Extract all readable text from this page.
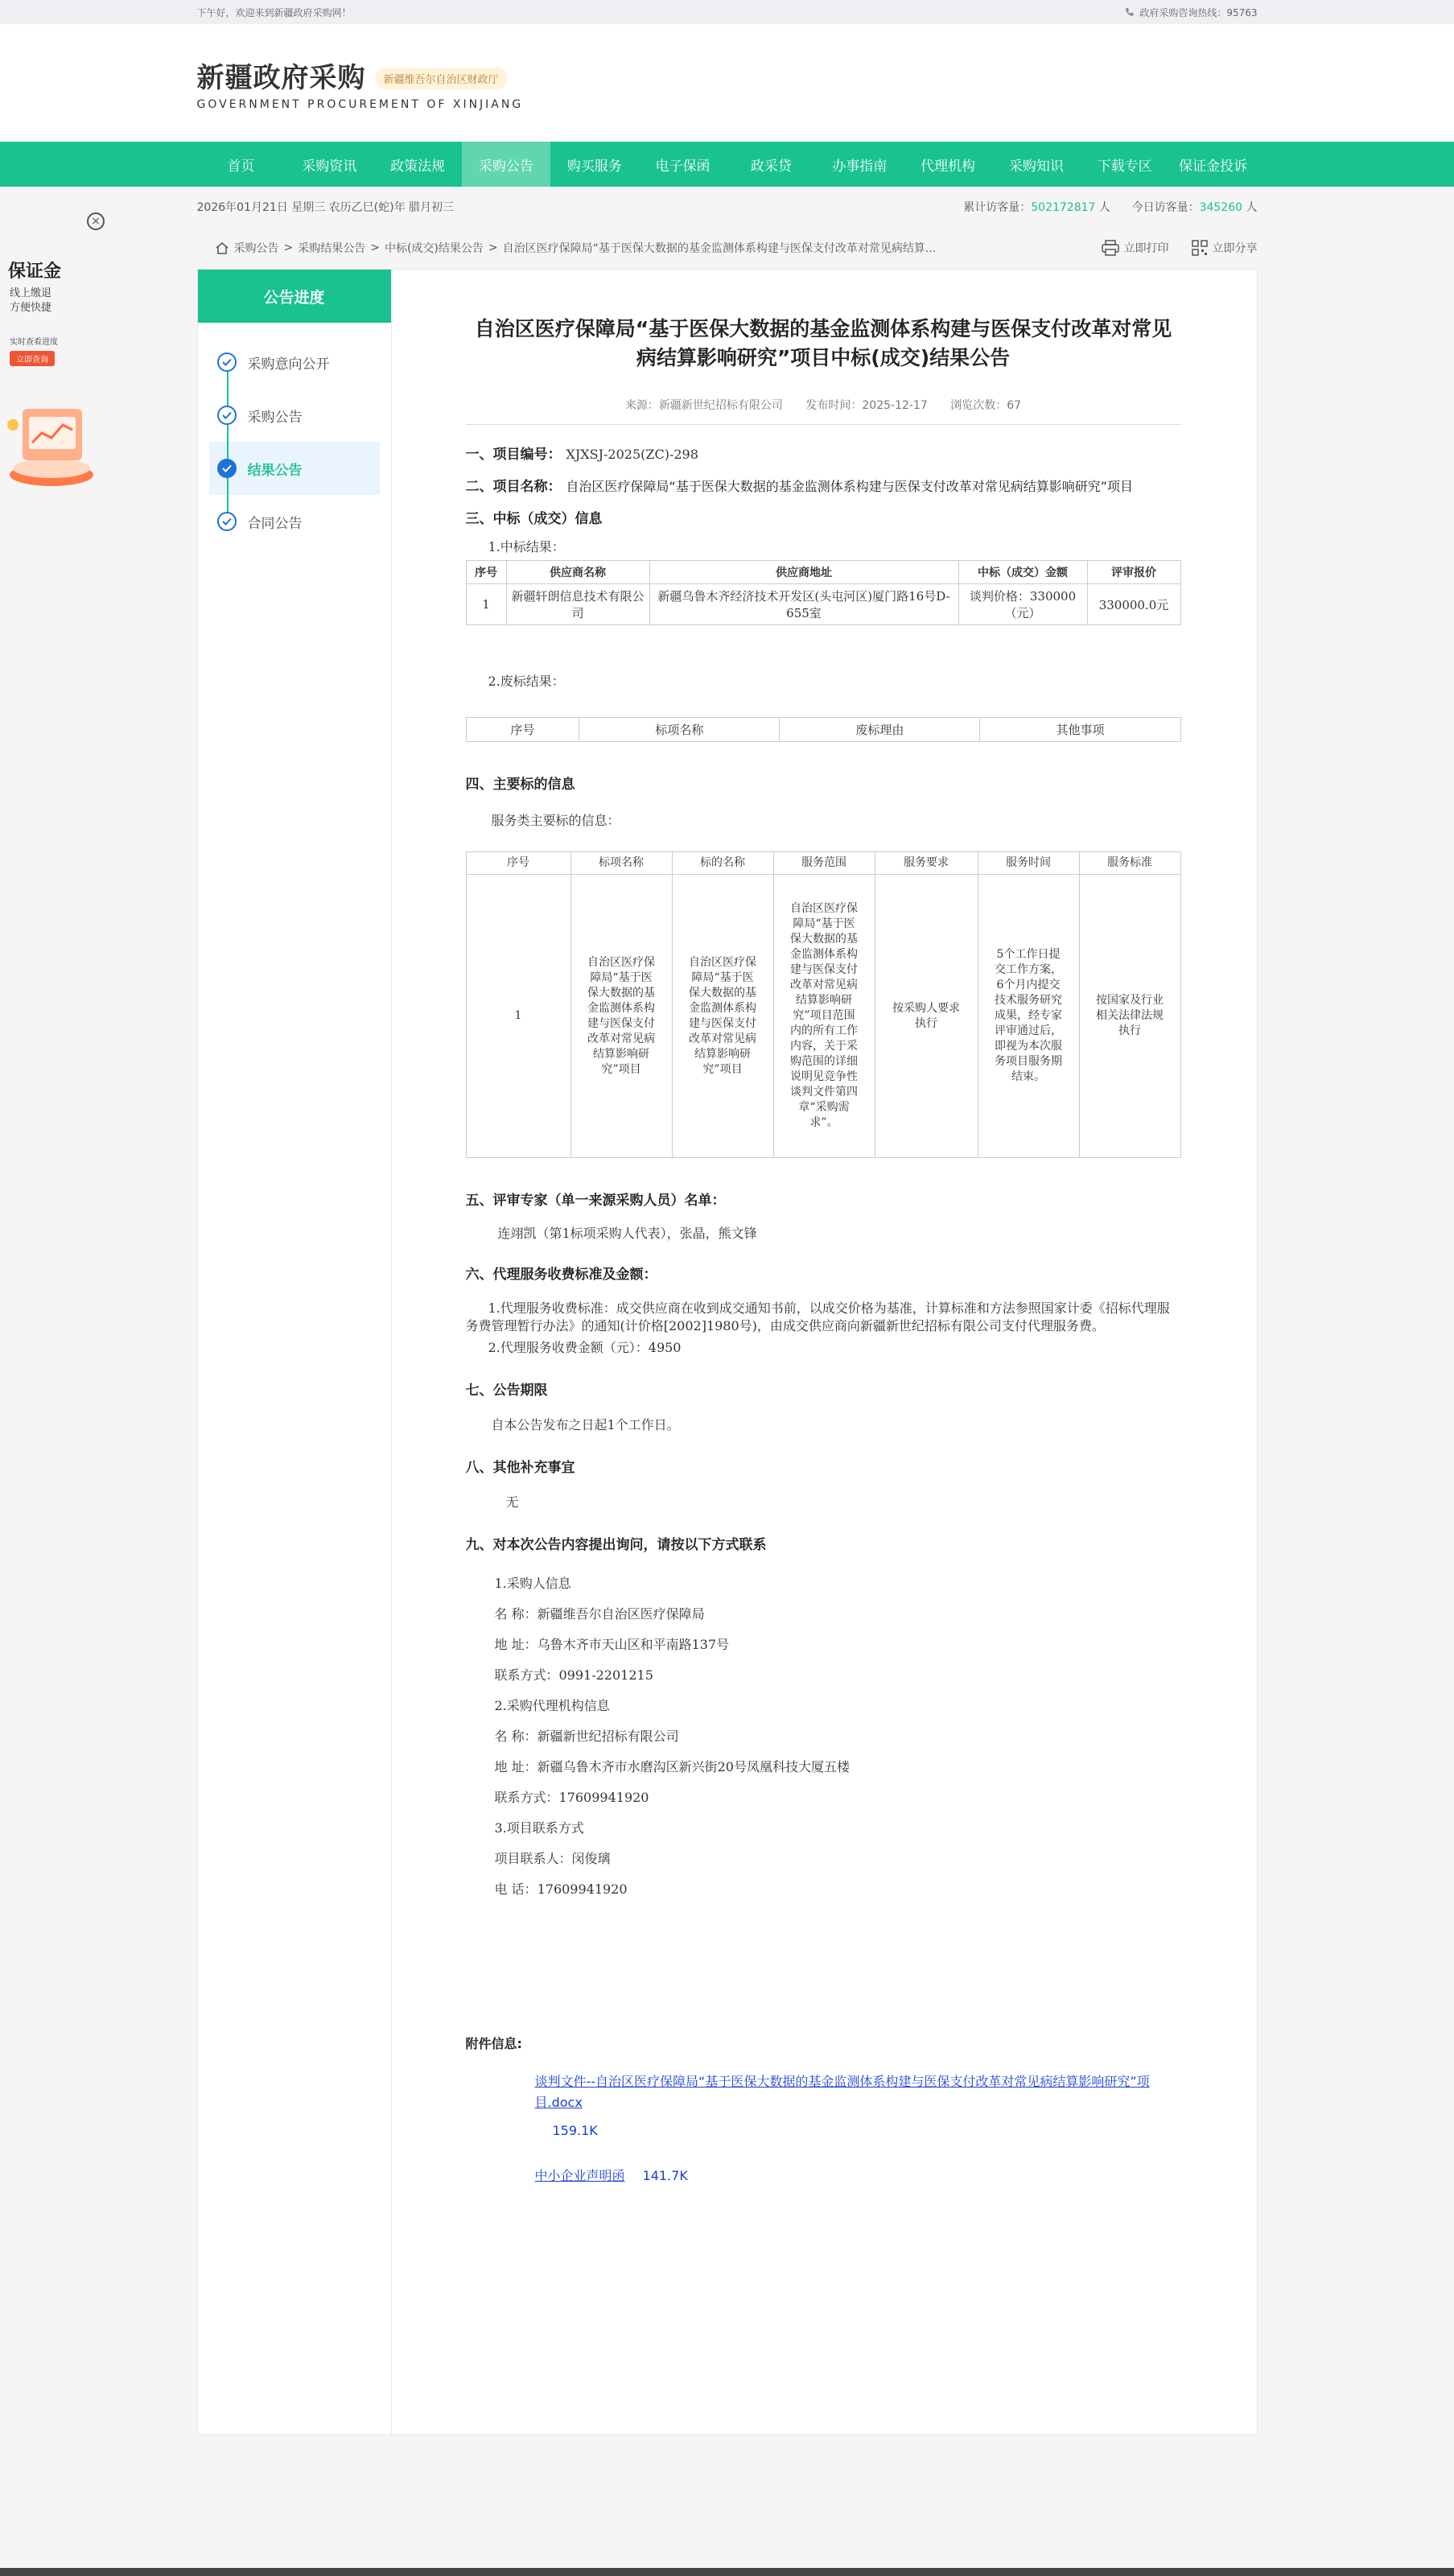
下午好，欢迎来到新疆政府采购网！	政府采购咨询热线：95763
新疆政府采购 新疆维吾尔自治区财政厅
GOVERNMENT PROCUREMENT OF XINJIANG
首页	采购资讯	政策法规	采购公告	购买服务	电子保函	政采贷	办事指南	代理机构	采购知识	下载专区	保证金投诉
2026年01月21日 星期三 农历乙巳(蛇)年 腊月初三	累计访客量：502172817 人 今日访客量：345260 人
采购公告 > 采购结果公告 > 中标(成交)结果公告 > 自治区医疗保障局“基于医保大数据的基金监测体系构建与医保支付改革对常见病结算...	立即打印	立即分享
公告进度
采购意向公开
采购公告
结果公告
合同公告
自治区医疗保障局“基于医保大数据的基金监测体系构建与医保支付改革对常见病结算影响研究”项目中标(成交)结果公告
来源：新疆新世纪招标有限公司 发布时间：2025-12-17 浏览次数：67
一、项目编号： XJXSJ-2025(ZC)-298
二、项目名称： 自治区医疗保障局“基于医保大数据的基金监测体系构建与医保支付改革对常见病结算影响研究”项目
三、中标（成交）信息
1.中标结果：
序号	供应商名称	供应商地址	中标（成交）金额	评审报价
1	新疆轩朗信息技术有限公司	新疆乌鲁木齐经济技术开发区(头屯河区)厦门路16号D-655室	谈判价格：330000（元）	330000.0元
2.废标结果：
序号	标项名称	废标理由	其他事项
四、主要标的信息
服务类主要标的信息：
序号	标项名称	标的名称	服务范围	服务要求	服务时间	服务标准
1	自治区医疗保障局“基于医保大数据的基金监测体系构建与医保支付改革对常见病结算影响研究”项目	自治区医疗保障局“基于医保大数据的基金监测体系构建与医保支付改革对常见病结算影响研究”项目	自治区医疗保障局“基于医保大数据的基金监测体系构建与医保支付改革对常见病结算影响研究”项目范围内的所有工作内容，关于采购范围的详细说明见竞争性谈判文件第四章“采购需求”。	按采购人要求执行	5个工作日提交工作方案，6个月内提交技术服务研究成果，经专家评审通过后，即视为本次服务项目服务期结束。	按国家及行业相关法律法规执行
五、评审专家（单一来源采购人员）名单：
连翊凯（第1标项采购人代表），张晶，熊文锋
六、代理服务收费标准及金额：
1.代理服务收费标准：成交供应商在收到成交通知书前，以成交价格为基准，计算标准和方法参照国家计委《招标代理服务费管理暂行办法》的通知(计价格[2002]1980号)，由成交供应商向新疆新世纪招标有限公司支付代理服务费。
2.代理服务收费金额（元）：4950
七、公告期限
自本公告发布之日起1个工作日。
八、其他补充事宜
无
九、对本次公告内容提出询问，请按以下方式联系

1.采购人信息

名 称：新疆维吾尔自治区医疗保障局

地 址：乌鲁木齐市天山区和平南路137号

联系方式：0991-2201215

2.采购代理机构信息

名 称：新疆新世纪招标有限公司

地 址：新疆乌鲁木齐市水磨沟区新兴街20号凤凰科技大厦五楼

联系方式：17609941920

3.项目联系方式

项目联系人：闵俊璃

电 话：17609941920

附件信息:
谈判文件--自治区医疗保障局“基于医保大数据的基金监测体系构建与医保支付改革对常见病结算影响研究”项目.docx
159.1K
中小企业声明函 141.7K
×
保证金
线上缴退
方便快捷
实时查看进度
立即查询
